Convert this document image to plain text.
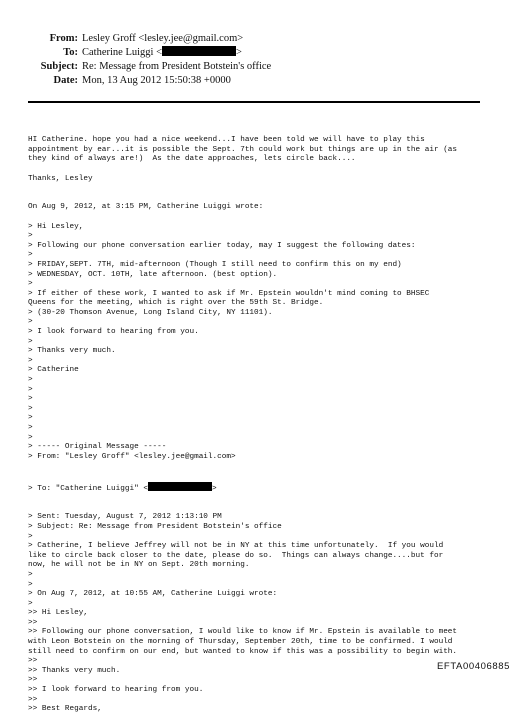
From: Lesley Groff <lesley.jee@gmail.com>
To: Catherine Luiggi <	>
Subject: Re: Message from President Botstein's office
Date: Mon, 13 Aug 2012 15:50:38 +0000

HI Catherine. hope you had a nice weekend...I have been told we will have to play this
appointment by ear...it is possible the Sept. 7th could work but things are up in the air (as
they kind of always are!)  As the date approaches, lets circle back....
Thanks, Lesley
On Aug 9, 2012, at 3:15 PM, Catherine Luiggi wrote:
> Hi Lesley,
>
> Following our phone conversation earlier today, may I suggest the following dates:
>
> FRIDAY,SEPT. 7TH, mid-afternoon (Though I still need to confirm this on my end)
> WEDNESDAY, OCT. 10TH, late afternoon. (best option).
>
> If either of these work, I wanted to ask if Mr. Epstein wouldn't mind coming to BHSEC
Queens for the meeting, which is right over the 59th St. Bridge.
> (30-20 Thomson Avenue, Long Island City, NY 11101).
>
> I look forward to hearing from you.
>
> Thanks very much.
>
> Catherine
>
>
>
>
>
>
>
> ----- Original Message -----
> From: "Lesley Groff" <lesley.jee@gmail.com>

> To: "Catherine Luiggi" <	>

> Sent: Tuesday, August 7, 2012 1:13:10 PM
> Subject: Re: Message from President Botstein's office
>
> Catherine, I believe Jeffrey will not be in NY at this time unfortunately.  If you would
like to circle back closer to the date, please do so.  Things can always change....but for
now, he will not be in NY on Sept. 20th morning.
>
>
> On Aug 7, 2012, at 10:55 AM, Catherine Luiggi wrote:
>
>> Hi Lesley,
>>
>> Following our phone conversation, I would like to know if Mr. Epstein is available to meet
with Leon Botstein on the morning of Thursday, September 20th, time to be confirmed. I would
still need to confirm on our end, but wanted to know if this was a possibility to begin with.
>>
>> Thanks very much.
>>
>> I look forward to hearing from you.
>>
>> Best Regards,

EFTA00406885
